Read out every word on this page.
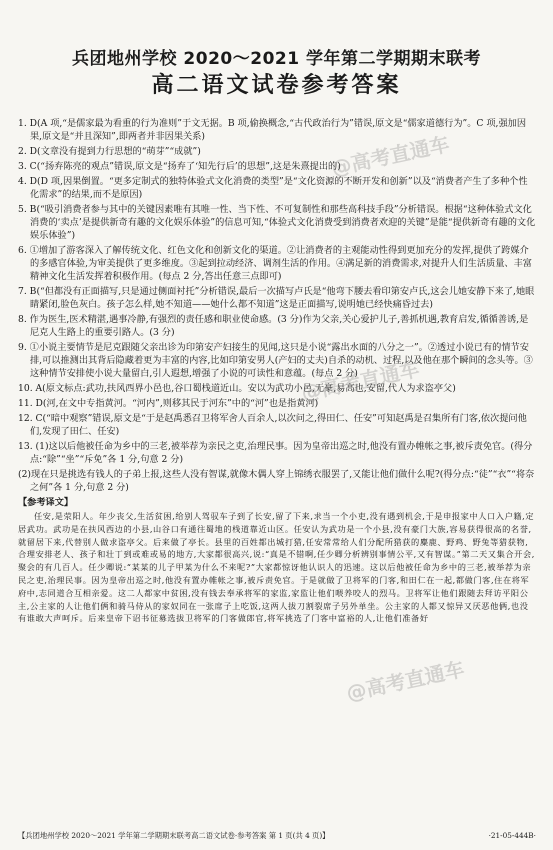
兵团地州学校 2020～2021 学年第二学期期末联考
高二语文试卷参考答案

1. D(A 项,“是儒家最为看重的行为准则”于文无据。B 项,偷换概念,“古代政治行为”错误,原文是“儒家道德行为”。C 项,强加因果,原文是“并且深知”,即两者并非因果关系)

2. D(文章没有提到力行思想的“萌芽”“成就”)

3. C(“扬弃陈亮的观点”错误,原文是“扬弃了‘知先行后’的思想”,这是朱熹提出的)

4. D(D 项,因果倒置。“更多定制式的独特体验式文化消费的类型”是“文化资源的不断开发和创新”以及“消费者产生了多种个性化需求”的结果,而不是原因)

5. B(“吸引消费者参与其中的关键因素唯有其唯一性、当下性、不可复制性和那些高科技手段”分析错误。根据“这种体验式文化消费的‘卖点’是提供新奇有趣的文化娱乐体验”的信息可知,“体验式文化消费受到消费者欢迎的关键”是能“提供新奇有趣的文化娱乐体验”)

6. ①增加了游客深入了解传统文化、红色文化和创新文化的渠道。②让消费者的主观能动性得到更加充分的发挥,提供了跨媒介的多感官体验,为审美提供了更多维度。③起到拉动经济、调剂生活的作用。④满足新的消费需求,对提升人们生活质量、丰富精神文化生活发挥着积极作用。(每点 2 分,答出任意三点即可)

7. B(“但都没有正面描写,只是通过侧面衬托”分析错误,最后一次描写卢氏是“他弯下腰去看印第安卢氏,这会儿她安静下来了,她眼睛紧闭,脸色灰白。孩子怎么样,她不知道——她什么都不知道”这是正面描写,说明她已经快痛昏过去)

8. 作为医生,医术精湛,遇事冷静,有强烈的责任感和职业使命感。(3 分)作为父亲,关心爱护儿子,善抓机遇,教育启发,循循善诱,是尼克人生路上的重要引路人。(3 分)

9. ①小说主要情节是尼克跟随父亲出诊为印第安产妇接生的见闻,这只是小说“露出水面的八分之一”。②透过小说已有的情节安排,可以推测出其背后隐藏着更为丰富的内容,比如印第安男人(产妇的丈夫)自杀的动机、过程,以及他在那个瞬间的念头等。③这种情节安排使小说大量留白,引人遐想,增强了小说的可读性和意蕴。(每点 2 分)

10. A(原文标点:武功,扶风西界小邑也,谷口蜀栈道近山。安以为武功小邑,无豪,易高也,安留,代人为求盗亭父)

11. D(河,在文中专指黄河。“河内”,则移其民于河东”中的“河”也是指黄河)

12. C(“暗中观察”错误,原文是“于是赵禹悉召卫将军舍人百余人,以次问之,得田仁、任安”可知赵禹是召集所有门客,依次提问他们,发现了田仁、任安)

13. (1)这以后他被任命为乡中的三老,被举荐为亲民之吏,治理民事。因为皇帝出巡之时,他没有置办帷帐之事,被斥责免官。(得分点:“除”“坐”“斥免”各 1 分,句意 2 分)

(2)现在只是挑选有钱人的子弟上报,这些人没有智谋,就像木偶人穿上锦绣衣服罢了,又能让他们做什么呢?(得分点:“徒”“衣”“将奈之何”各 1 分,句意 2 分)

【参考译文】

任安,是荥阳人。年少丧父,生活贫困,给别人驾驭车子到了长安,留了下来,求当一个小吏,没有遇到机会,于是申报家中人口入户籍,定居武功。武功是在扶风西边的小县,山谷口有通往蜀地的栈道靠近山区。任安认为武功是一个小县,没有豪门大族,容易获得很高的名誉,就留居下来,代替别人做求盗亭父。后来做了亭长。县里的百姓都出城打猎,任安常常给人们分配所猎获的麋鹿、野鸡、野兔等猎获物,合理安排老人、孩子和壮丁到或难或易的地方,大家都很高兴,说:“真是不错啊,任少卿分析辨别事情公平,又有智谋。”第二天又集合开会,聚会的有几百人。任少卿说:“某某的儿子甲某为什么不来呢?”大家都惊讶他认识人的迅速。这以后他被任命为乡中的三老,被举荐为亲民之吏,治理民事。因为皇帝出巡之时,他没有置办帷帐之事,被斥责免官。于是就做了卫将军的门客,和田仁在一起,都做门客,住在将军府中,志同道合互相亲爱。这二人都家中贫困,没有钱去奉承将军的家监,家监让他们喂养咬人的烈马。卫将军让他们跟随去拜访平阳公主,公主家的人让他们俩和骑马侍从的家奴同在一张席子上吃饭,这两人拔刀割裂席子另外单坐。公主家的人都又惊异又厌恶他俩,也没有谁敢大声呵斥。后来皇帝下诏书征募选拔卫将军的门客做郎官,将军挑选了门客中富裕的人,让他们准备好

【兵团地州学校 2020～2021 学年第二学期期末联考高二语文试卷·参考答案 第 1 页(共 4 页)】	·21-05-444B·
@高考直通车
@高考直通车
@高考直通车
